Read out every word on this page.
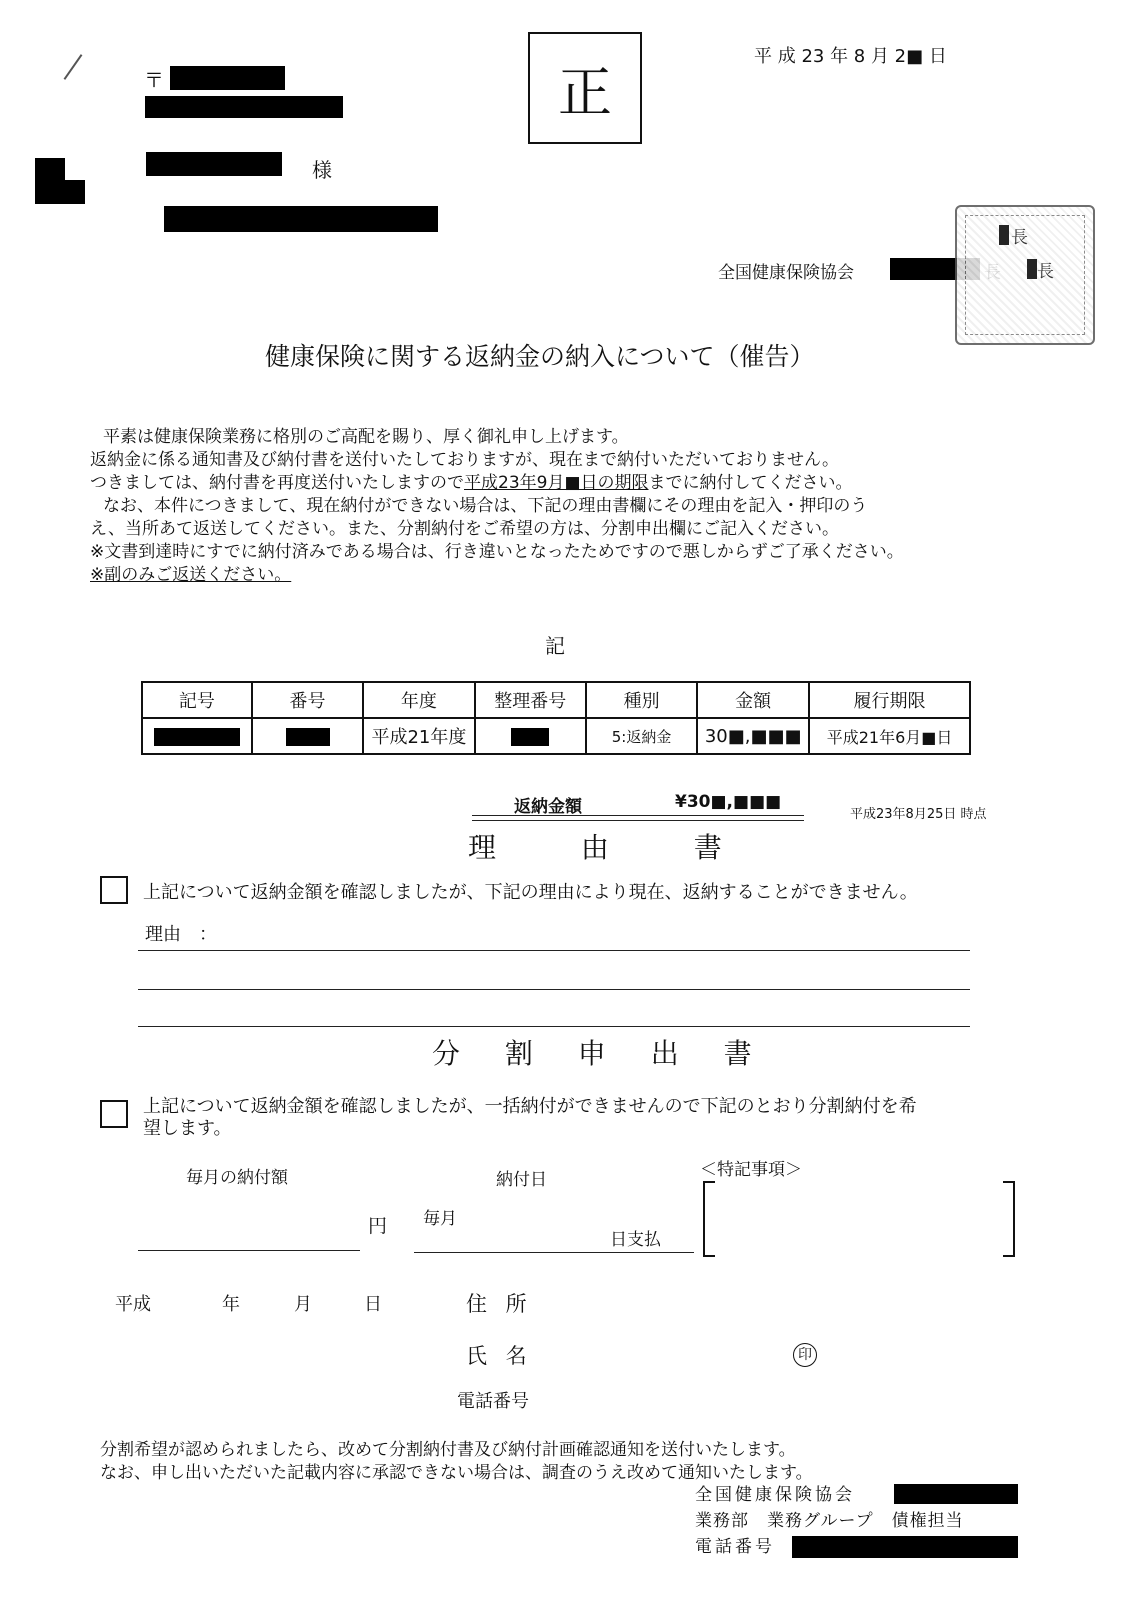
正
平 成 23 年 8 月 2■ 日
〒
様
全国健康保険協会
長
長
健康保険に関する返納金の納入について（催告）
平素は健康保険業務に格別のご高配を賜り、厚く御礼申し上げます。
返納金に係る通知書及び納付書を送付いたしておりますが、現在まで納付いただいておりません。
つきましては、納付書を再度送付いたしますので平成23年9月■日の期限までに納付してください。
なお、本件につきまして、現在納付ができない場合は、下記の理由書欄にその理由を記入・押印のう
え、当所あて返送してください。また、分割納付をご希望の方は、分割申出欄にご記入ください。
※文書到達時にすでに納付済みである場合は、行き違いとなったためですので悪しからずご了承ください。
※副のみご返送ください。
記
記号	番号	年度	整理番号	種別	金額	履行期限
		平成21年度		5:返納金	30■,■■■	平成21年6月■日
返納金額	¥30■,■■■
平成23年8月25日 時点
理 由 書
上記について返納金額を確認しましたが、下記の理由により現在、返納することができません。
理由　：
分 割 申 出 書
上記について返納金額を確認しましたが、一括納付ができませんので下記のとおり分割納付を希
望します。
毎月の納付額
円
納付日
毎月
日支払
＜特記事項＞
平成	年	月	日	住 所
氏 名	印
電話番号
分割希望が認められましたら、改めて分割納付書及び納付計画確認通知を送付いたします。
なお、申し出いただいた記載内容に承認できない場合は、調査のうえ改めて通知いたします。
全国健康保険協会
業務部　業務グループ　債権担当
電話番号
